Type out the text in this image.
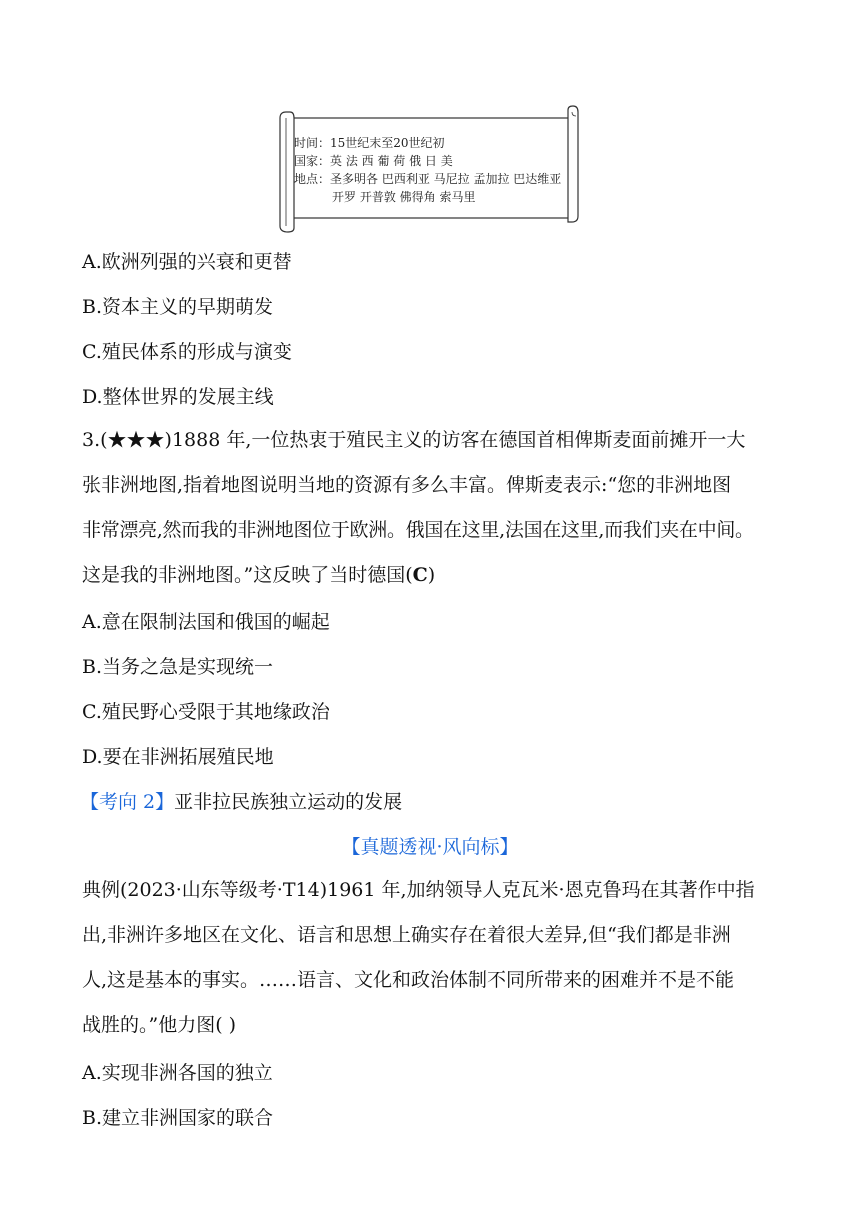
时间：15世纪末至20世纪初
国家：英 法 西 葡 荷 俄 日 美
地点：圣多明各 巴西利亚 马尼拉 孟加拉 巴达维亚
开罗 开普敦 佛得角 索马里
A.欧洲列强的兴衰和更替
B.资本主义的早期萌发
C.殖民体系的形成与演变
D.整体世界的发展主线
3.(★★★)1888 年,一位热衷于殖民主义的访客在德国首相俾斯麦面前摊开一大
张非洲地图,指着地图说明当地的资源有多么丰富。俾斯麦表示:“您的非洲地图
非常漂亮,然而我的非洲地图位于欧洲。俄国在这里,法国在这里,而我们夹在中间。
这是我的非洲地图。”这反映了当时德国(C)
A.意在限制法国和俄国的崛起
B.当务之急是实现统一
C.殖民野心受限于其地缘政治
D.要在非洲拓展殖民地
【考向 2】亚非拉民族独立运动的发展
【真题透视·风向标】
典例(2023·山东等级考·T14)1961 年,加纳领导人克瓦米·恩克鲁玛在其著作中指
出,非洲许多地区在文化、语言和思想上确实存在着很大差异,但“我们都是非洲
人,这是基本的事实。……语言、文化和政治体制不同所带来的困难并不是不能
战胜的。”他力图( )
A.实现非洲各国的独立
B.建立非洲国家的联合
